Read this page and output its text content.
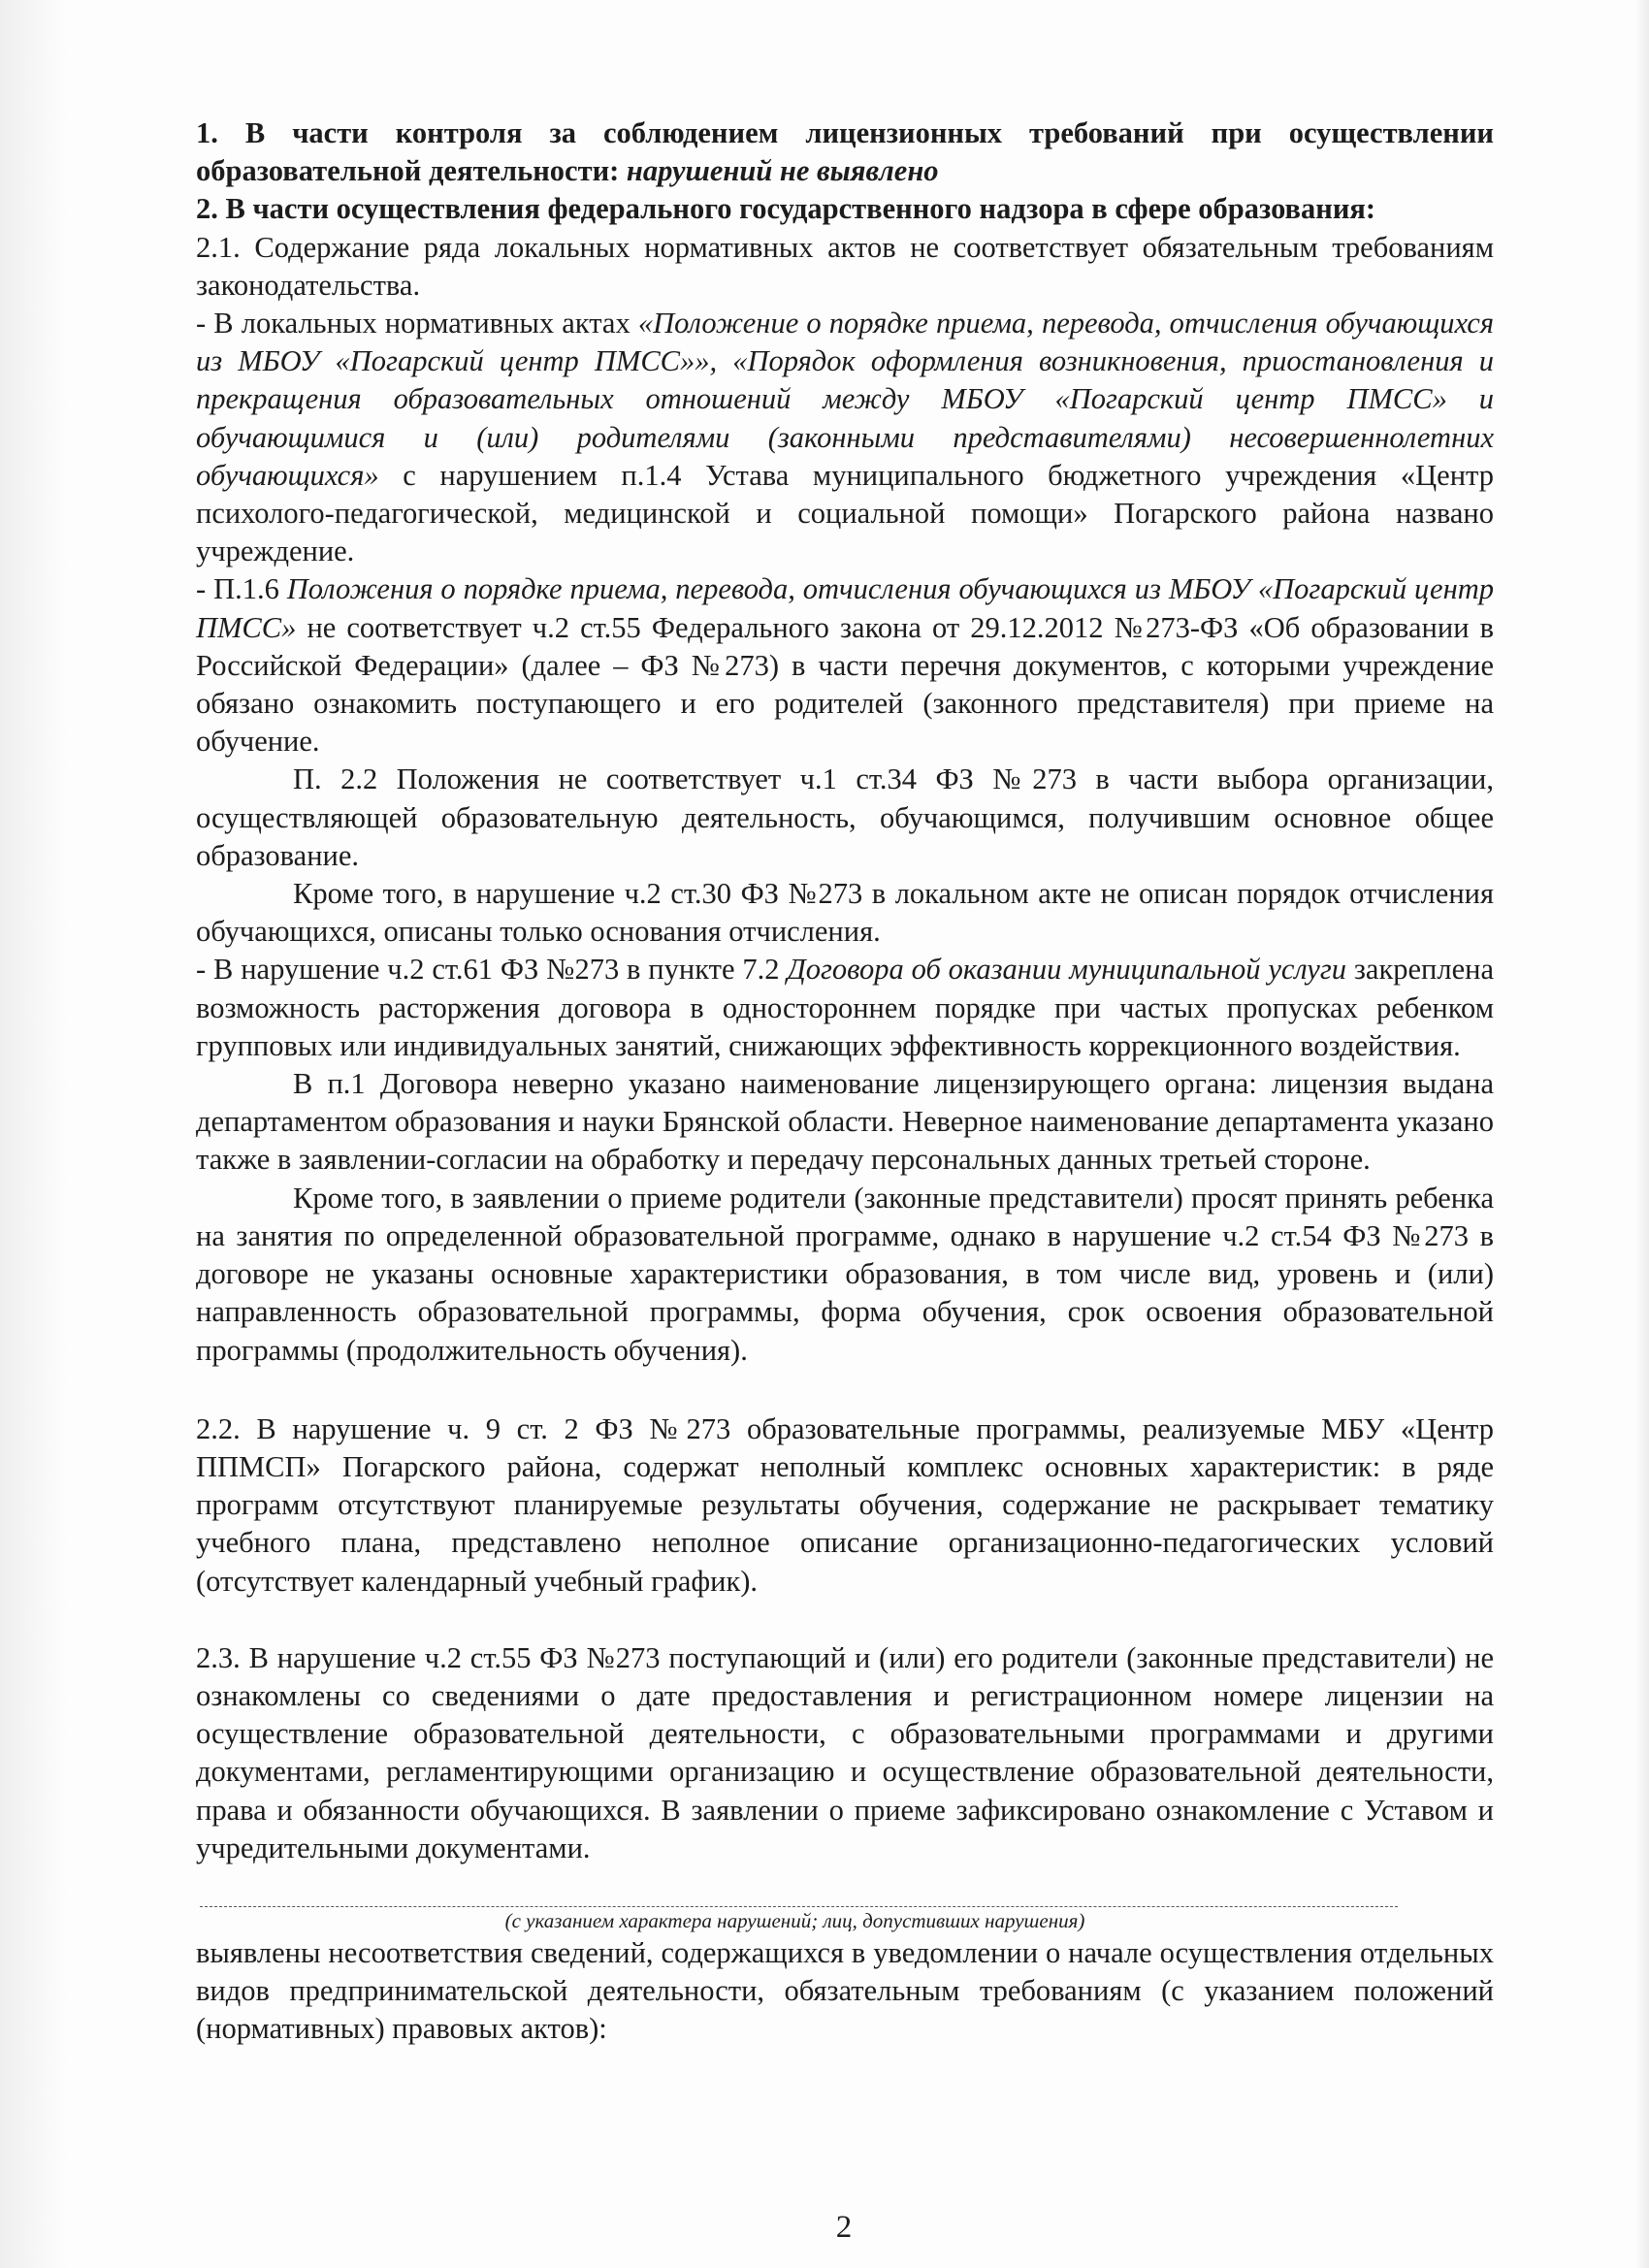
1. В части контроля за соблюдением лицензионных требований при осуществлении образовательной деятельности: нарушений не выявлено

2. В части осуществления федерального государственного надзора в сфере образования:

2.1. Содержание ряда локальных нормативных актов не соответствует обязательным требованиям законодательства.

- В локальных нормативных актах «Положение о порядке приема, перевода, отчисления обучающихся из МБОУ «Погарский центр ПМСС»», «Порядок оформления возникновения, приостановления и прекращения образовательных отношений между МБОУ «Погарский центр ПМСС» и обучающимися и (или) родителями (законными представителями) несовершеннолетних обучающихся» с нарушением п.1.4 Устава муниципального бюджетного учреждения «Центр психолого-педагогической, медицинской и социальной помощи» Погарского района названо учреждение.

- П.1.6 Положения о порядке приема, перевода, отчисления обучающихся из МБОУ «Погарский центр ПМСС» не соответствует ч.2 ст.55 Федерального закона от 29.12.2012 №273-ФЗ «Об образовании в Российской Федерации» (далее – ФЗ №273) в части перечня документов, с которыми учреждение обязано ознакомить поступающего и его родителей (законного представителя) при приеме на обучение.

П. 2.2 Положения не соответствует ч.1 ст.34 ФЗ №273 в части выбора организации, осуществляющей образовательную деятельность, обучающимся, получившим основное общее образование.

Кроме того, в нарушение ч.2 ст.30 ФЗ №273 в локальном акте не описан порядок отчисления обучающихся, описаны только основания отчисления.

- В нарушение ч.2 ст.61 ФЗ №273 в пункте 7.2 Договора об оказании муниципальной услуги закреплена возможность расторжения договора в одностороннем порядке при частых пропусках ребенком групповых или индивидуальных занятий, снижающих эффективность коррекционного воздействия.

В п.1 Договора неверно указано наименование лицензирующего органа: лицензия выдана департаментом образования и науки Брянской области. Неверное наименование департамента указано также в заявлении-согласии на обработку и передачу персональных данных третьей стороне.

Кроме того, в заявлении о приеме родители (законные представители) просят принять ребенка на занятия по определенной образовательной программе, однако в нарушение ч.2 ст.54 ФЗ №273 в договоре не указаны основные характеристики образования, в том числе вид, уровень и (или) направленность образовательной программы, форма обучения, срок освоения образовательной программы (продолжительность обучения).

2.2. В нарушение ч. 9 ст. 2 ФЗ №273 образовательные программы, реализуемые МБУ «Центр ППМСП» Погарского района, содержат неполный комплекс основных характеристик: в ряде программ отсутствуют планируемые результаты обучения, содержание не раскрывает тематику учебного плана, представлено неполное описание организационно-педагогических условий (отсутствует календарный учебный график).

2.3. В нарушение ч.2 ст.55 ФЗ №273 поступающий и (или) его родители (законные представители) не ознакомлены со сведениями о дате предоставления и регистрационном номере лицензии на осуществление образовательной деятельности, с образовательными программами и другими документами, регламентирующими организацию и осуществление образовательной деятельности, права и обязанности обучающихся. В заявлении о приеме зафиксировано ознакомление с Уставом и учредительными документами.

(с указанием характера нарушений; лиц, допустивших нарушения)

выявлены несоответствия сведений, содержащихся в уведомлении о начале осуществления отдельных видов предпринимательской деятельности, обязательным требованиям (с указанием положений (нормативных) правовых актов):

2
